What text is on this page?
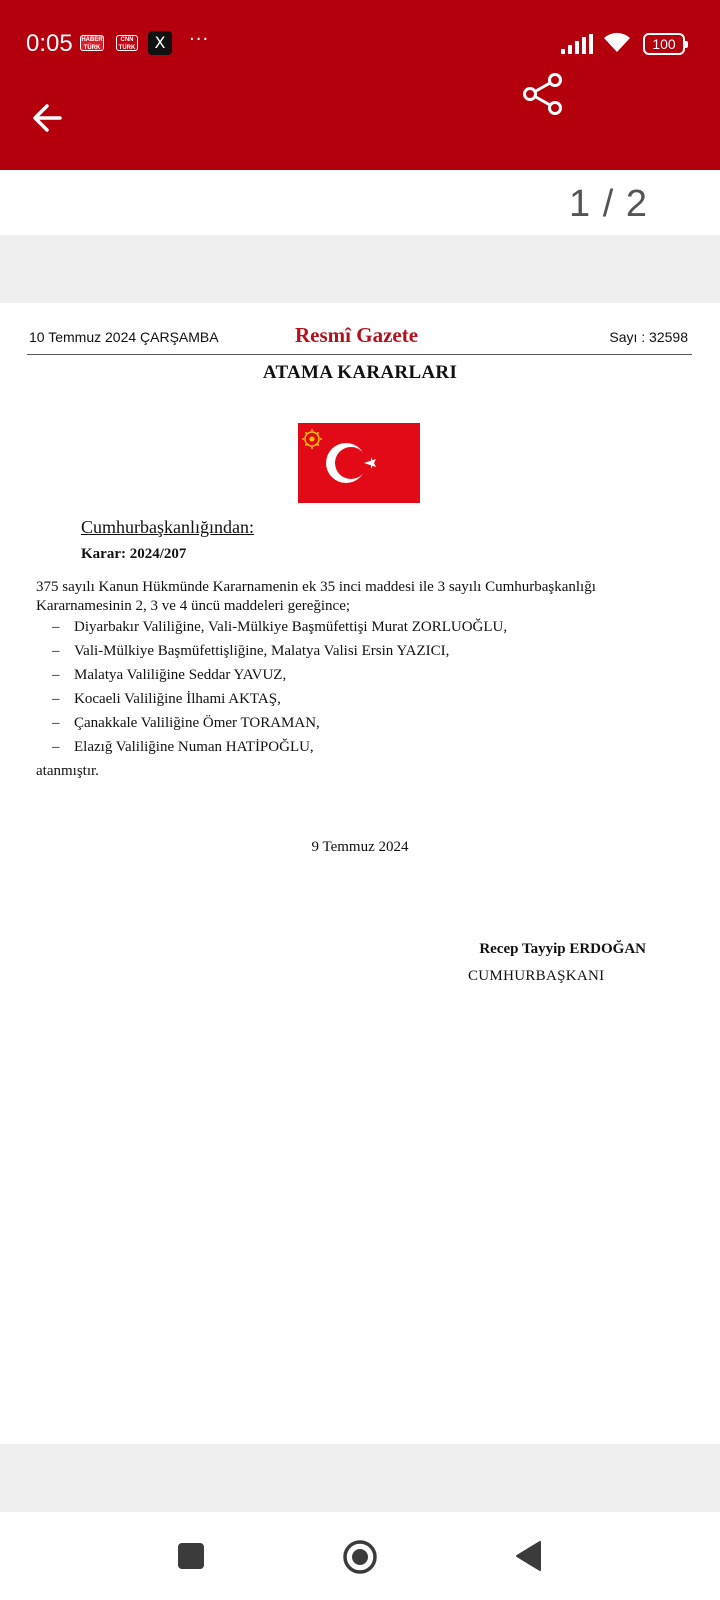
0:05 HABER TÜRK
CNN TÜRK	X	···	100
1 / 2
10 Temmuz 2024 ÇARŞAMBA	Resmî Gazete	Sayı : 32598
ATAMA KARARLARI
Cumhurbaşkanlığından:
Karar: 2024/207
375 sayılı Kanun Hükmünde Kararnamenin ek 35 inci maddesi ile 3 sayılı Cumhurbaşkanlığı Kararnamesinin 2, 3 ve 4 üncü maddeleri gereğince;
– Diyarbakır Valiliğine, Vali-Mülkiye Başmüfettişi Murat ZORLUOĞLU,
– Vali-Mülkiye Başmüfettişliğine, Malatya Valisi Ersin YAZICI,
– Malatya Valiliğine Seddar YAVUZ,
– Kocaeli Valiliğine İlhami AKTAŞ,
– Çanakkale Valiliğine Ömer TORAMAN,
– Elazığ Valiliğine Numan HATİPOĞLU,
atanmıştır.
9 Temmuz 2024
Recep Tayyip ERDOĞAN
CUMHURBAŞKANI
